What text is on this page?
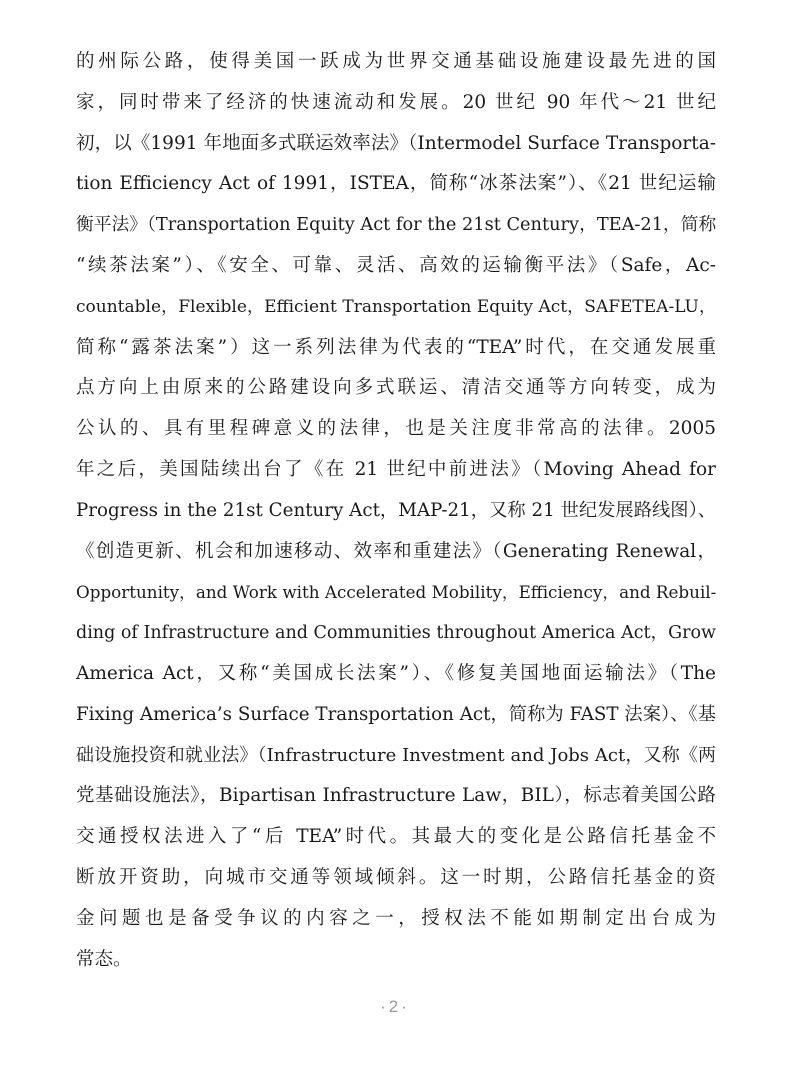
的州际公路，使得美国一跃成为世界交通基础设施建设最先进的国
家，同时带来了经济的快速流动和发展。20 世纪 90 年代～21 世纪
初，以《1991 年地面多式联运效率法》（Intermodel Surface Transporta-
tion Efficiency Act of 1991，ISTEA，简称“冰茶法案”）、《21 世纪运输
衡平法》（Transportation Equity Act for the 21st Century，TEA-21，简称
“续茶法案”）、《安全、可靠、灵活、高效的运输衡平法》（Safe，Ac-
countable，Flexible，Efficient Transportation Equity Act，SAFETEA-LU，
简称“露茶法案”）这一系列法律为代表的“TEA”时代，在交通发展重
点方向上由原来的公路建设向多式联运、清洁交通等方向转变，成为
公认的、具有里程碑意义的法律，也是关注度非常高的法律。2005
年之后，美国陆续出台了《在 21 世纪中前进法》（Moving Ahead for
Progress in the 21st Century Act，MAP-21，又称 21 世纪发展路线图）、
《创造更新、机会和加速移动、效率和重建法》（Generating Renewal，
Opportunity，and Work with Accelerated Mobility，Efficiency，and Rebuil-
ding of Infrastructure and Communities throughout America Act，Grow
America Act，又称“美国成长法案”）、《修复美国地面运输法》（The
Fixing America’s Surface Transportation Act，简称为 FAST 法案）、《基
础设施投资和就业法》（Infrastructure Investment and Jobs Act，又称《两
党基础设施法》，Bipartisan Infrastructure Law，BIL），标志着美国公路
交通授权法进入了“后 TEA”时代。其最大的变化是公路信托基金不
断放开资助，向城市交通等领域倾斜。这一时期，公路信托基金的资
金问题也是备受争议的内容之一，授权法不能如期制定出台成为
常态。
·2·
